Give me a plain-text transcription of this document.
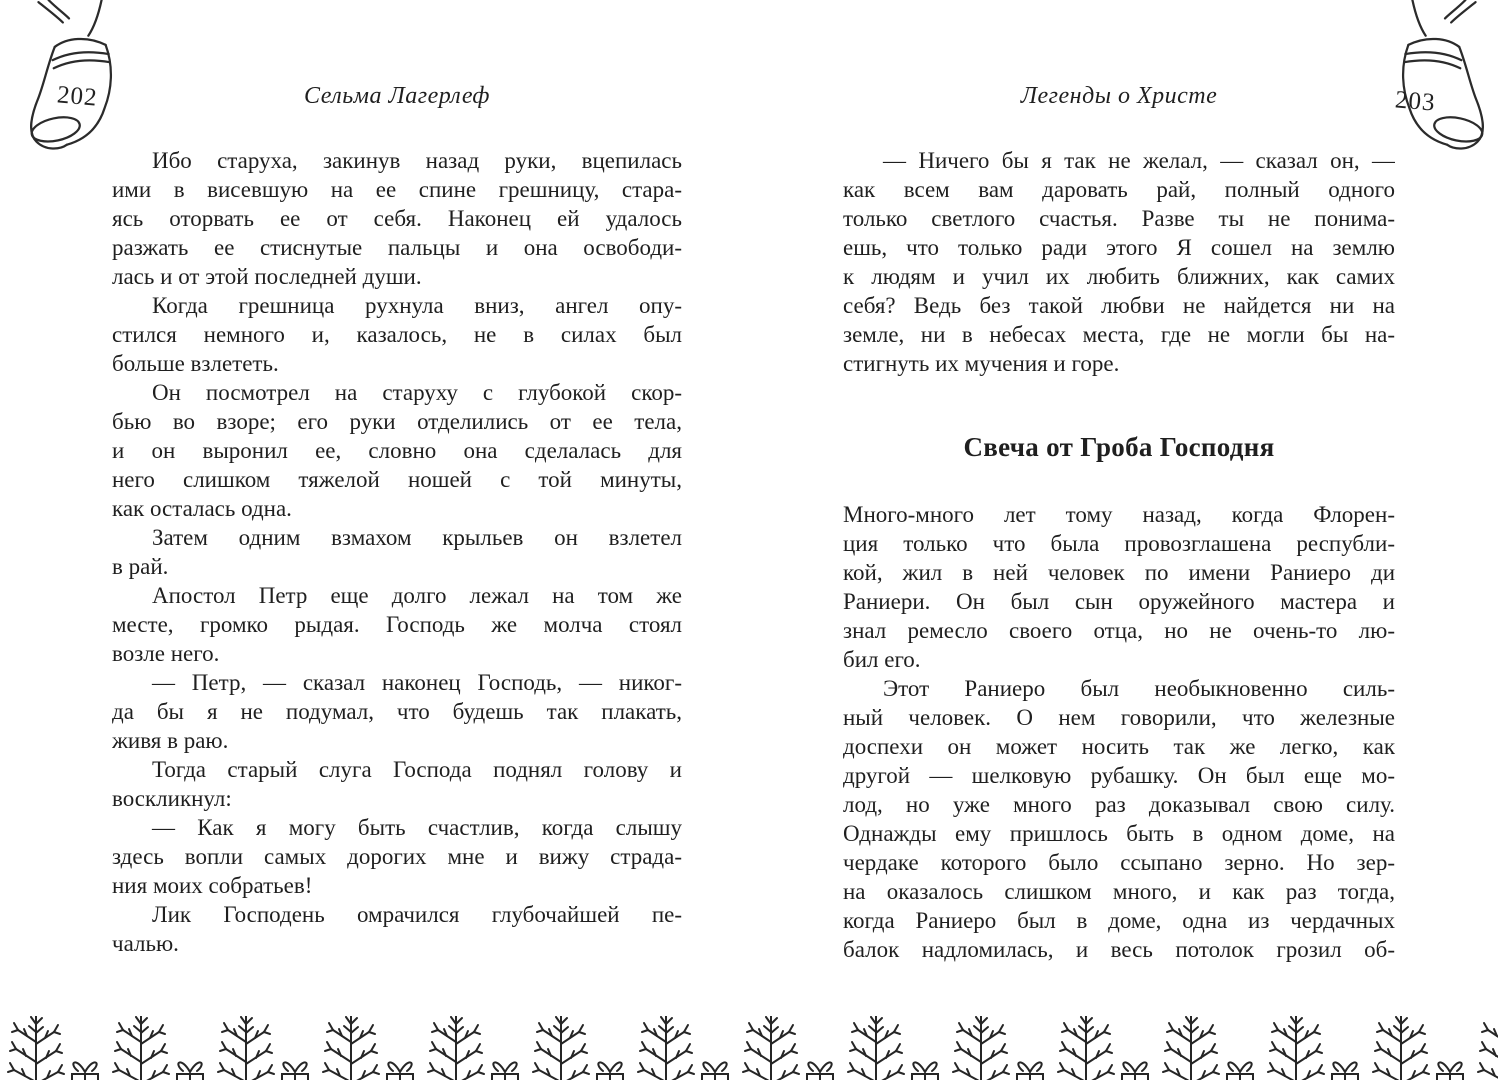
202	203
Сельма Лагерлеф	Легенды о Христе
Ибо старуха, закинув назад руки, вцепилась
ими в висевшую на ее спине грешницу, стара-
ясь оторвать ее от себя. Наконец ей удалось
разжать ее стиснутые пальцы и она освободи-
лась и от этой последней души.
Когда грешница рухнула вниз, ангел опу-
стился немного и, казалось, не в силах был
больше взлететь.
Он посмотрел на старуху с глубокой скор-
бью во взоре; его руки отделились от ее тела,
и он выронил ее, словно она сделалась для
него слишком тяжелой ношей с той минуты,
как осталась одна.
Затем одним взмахом крыльев он взлетел
в рай.
Апостол Петр еще долго лежал на том же
месте, громко рыдая. Господь же молча стоял
возле него.
— Петр, — сказал наконец Господь, — никог-
да бы я не подумал, что будешь так плакать,
живя в раю.
Тогда старый слуга Господа поднял голову и
воскликнул:
— Как я могу быть счастлив, когда слышу
здесь вопли самых дорогих мне и вижу страда-
ния моих собратьев!
Лик Господень омрачился глубочайшей пе-
чалью.
— Ничего бы я так не желал, — сказал он, —
как всем вам даровать рай, полный одного
только светлого счастья. Разве ты не понима-
ешь, что только ради этого Я сошел на землю
к людям и учил их любить ближних, как самих
себя? Ведь без такой любви не найдется ни на
земле, ни в небесах места, где не могли бы на-
стигнуть их мучения и горе.
Свеча от Гроба Господня
Много-много лет тому назад, когда Флорен-
ция только что была провозглашена республи-
кой, жил в ней человек по имени Раниеро ди
Раниери. Он был сын оружейного мастера и
знал ремесло своего отца, но не очень-то лю-
бил его.
Этот Раниеро был необыкновенно силь-
ный человек. О нем говорили, что железные
доспехи он может носить так же легко, как
другой — шелковую рубашку. Он был еще мо-
лод, но уже много раз доказывал свою силу.
Однажды ему пришлось быть в одном доме, на
чердаке которого было ссыпано зерно. Но зер-
на оказалось слишком много, и как раз тогда,
когда Раниеро был в доме, одна из чердачных
балок надломилась, и весь потолок грозил об-
